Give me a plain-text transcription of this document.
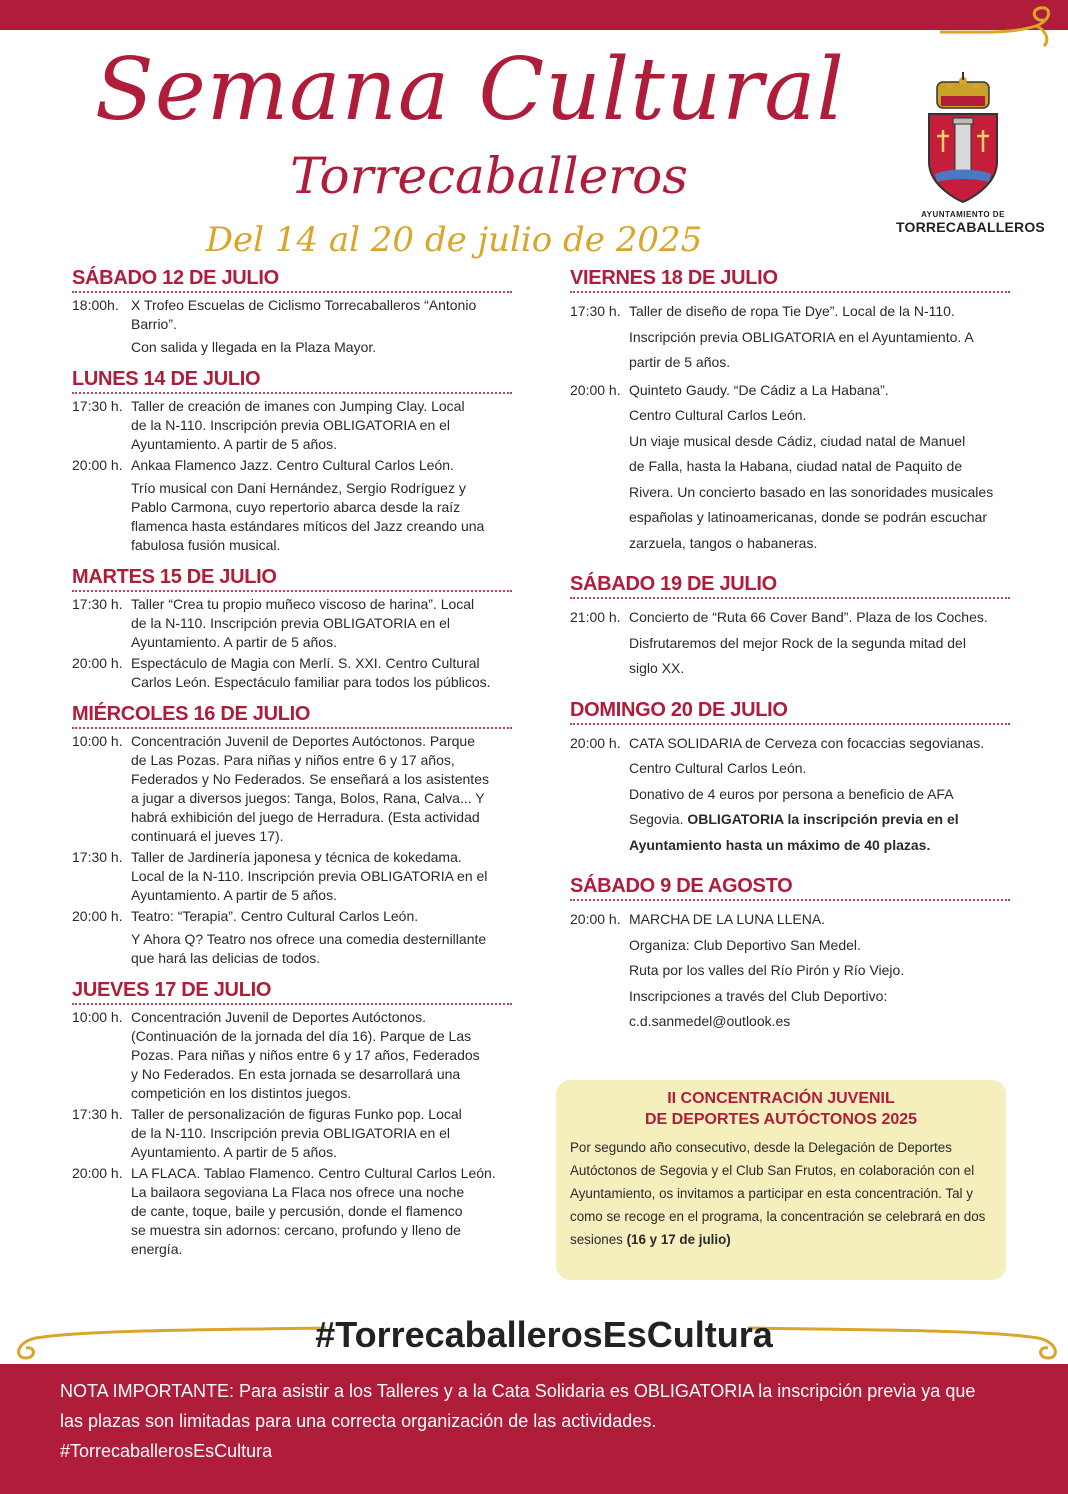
Semana Cultural
Torrecaballeros
Del 14 al 20 de julio de 2025
AYUNTAMIENTO DE
TORRECABALLEROS
SÁBADO 12 DE JULIO
18:00h. X Trofeo Escuelas de Ciclismo Torrecaballeros “Antonio
Barrio”.
Con salida y llegada en la Plaza Mayor.
LUNES 14 DE JULIO
17:30 h. Taller de creación de imanes con Jumping Clay. Local
de la N-110. Inscripción previa OBLIGATORIA en el
Ayuntamiento. A partir de 5 años.
20:00 h. Ankaa Flamenco Jazz. Centro Cultural Carlos León.
Trío musical con Dani Hernández, Sergio Rodríguez y
Pablo Carmona, cuyo repertorio abarca desde la raíz
flamenca hasta estándares míticos del Jazz creando una
fabulosa fusión musical.
MARTES 15 DE JULIO
17:30 h. Taller “Crea tu propio muñeco viscoso de harina”. Local
de la N-110. Inscripción previa OBLIGATORIA en el
Ayuntamiento. A partir de 5 años.
20:00 h. Espectáculo de Magia con Merlí. S. XXI. Centro Cultural
Carlos León. Espectáculo familiar para todos los públicos.
MIÉRCOLES 16 DE JULIO
10:00 h. Concentración Juvenil de Deportes Autóctonos. Parque
de Las Pozas. Para niñas y niños entre 6 y 17 años,
Federados y No Federados. Se enseñará a los asistentes
a jugar a diversos juegos: Tanga, Bolos, Rana, Calva... Y
habrá exhibición del juego de Herradura. (Esta actividad
continuará el jueves 17).
17:30 h. Taller de Jardinería japonesa y técnica de kokedama.
Local de la N-110. Inscripción previa OBLIGATORIA en el
Ayuntamiento. A partir de 5 años.
20:00 h. Teatro: “Terapia”. Centro Cultural Carlos León.
Y Ahora Q? Teatro nos ofrece una comedia desternillante
que hará las delicias de todos.
JUEVES 17 DE JULIO
10:00 h. Concentración Juvenil de Deportes Autóctonos.
(Continuación de la jornada del día 16). Parque de Las
Pozas. Para niñas y niños entre 6 y 17 años, Federados
y No Federados. En esta jornada se desarrollará una
competición en los distintos juegos.
17:30 h. Taller de personalización de figuras Funko pop. Local
de la N-110. Inscripción previa OBLIGATORIA en el
Ayuntamiento. A partir de 5 años.
20:00 h. LA FLACA. Tablao Flamenco. Centro Cultural Carlos León.
La bailaora segoviana La Flaca nos ofrece una noche
de cante, toque, baile y percusión, donde el flamenco
se muestra sin adornos: cercano, profundo y lleno de
energía.
VIERNES 18 DE JULIO
17:30 h. Taller de diseño de ropa Tie Dye”. Local de la N-110.
Inscripción previa OBLIGATORIA en el Ayuntamiento. A
partir de 5 años.
20:00 h. Quinteto Gaudy. “De Cádiz a La Habana”.
Centro Cultural Carlos León.
Un viaje musical desde Cádiz, ciudad natal de Manuel
de Falla, hasta la Habana, ciudad natal de Paquito de
Rivera. Un concierto basado en las sonoridades musicales
españolas y latinoamericanas, donde se podrán escuchar
zarzuela, tangos o habaneras.
SÁBADO 19 DE JULIO
21:00 h. Concierto de “Ruta 66 Cover Band”. Plaza de los Coches.
Disfrutaremos del mejor Rock de la segunda mitad del
siglo XX.
DOMINGO 20 DE JULIO
20:00 h. CATA SOLIDARIA de Cerveza con focaccias segovianas.
Centro Cultural Carlos León.
Donativo de 4 euros por persona a beneficio de AFA
Segovia. OBLIGATORIA la inscripción previa en el
Ayuntamiento hasta un máximo de 40 plazas.
SÁBADO 9 DE AGOSTO
20:00 h. MARCHA DE LA LUNA LLENA.
Organiza: Club Deportivo San Medel.
Ruta por los valles del Río Pirón y Río Viejo.
Inscripciones a través del Club Deportivo:
c.d.sanmedel@outlook.es
II CONCENTRACIÓN JUVENIL
DE DEPORTES AUTÓCTONOS 2025
Por segundo año consecutivo, desde la Delegación de Deportes Autóctonos de Segovia y el Club San Frutos, en colaboración con el Ayuntamiento, os invitamos a participar en esta concentración. Tal y como se recoge en el programa, la concentración se celebrará en dos sesiones (16 y 17 de julio)
#TorrecaballerosEsCultura
NOTA IMPORTANTE: Para asistir a los Talleres y a la Cata Solidaria es OBLIGATORIA la inscripción previa ya que
las plazas son limitadas para una correcta organización de las actividades.
#TorrecaballerosEsCultura
